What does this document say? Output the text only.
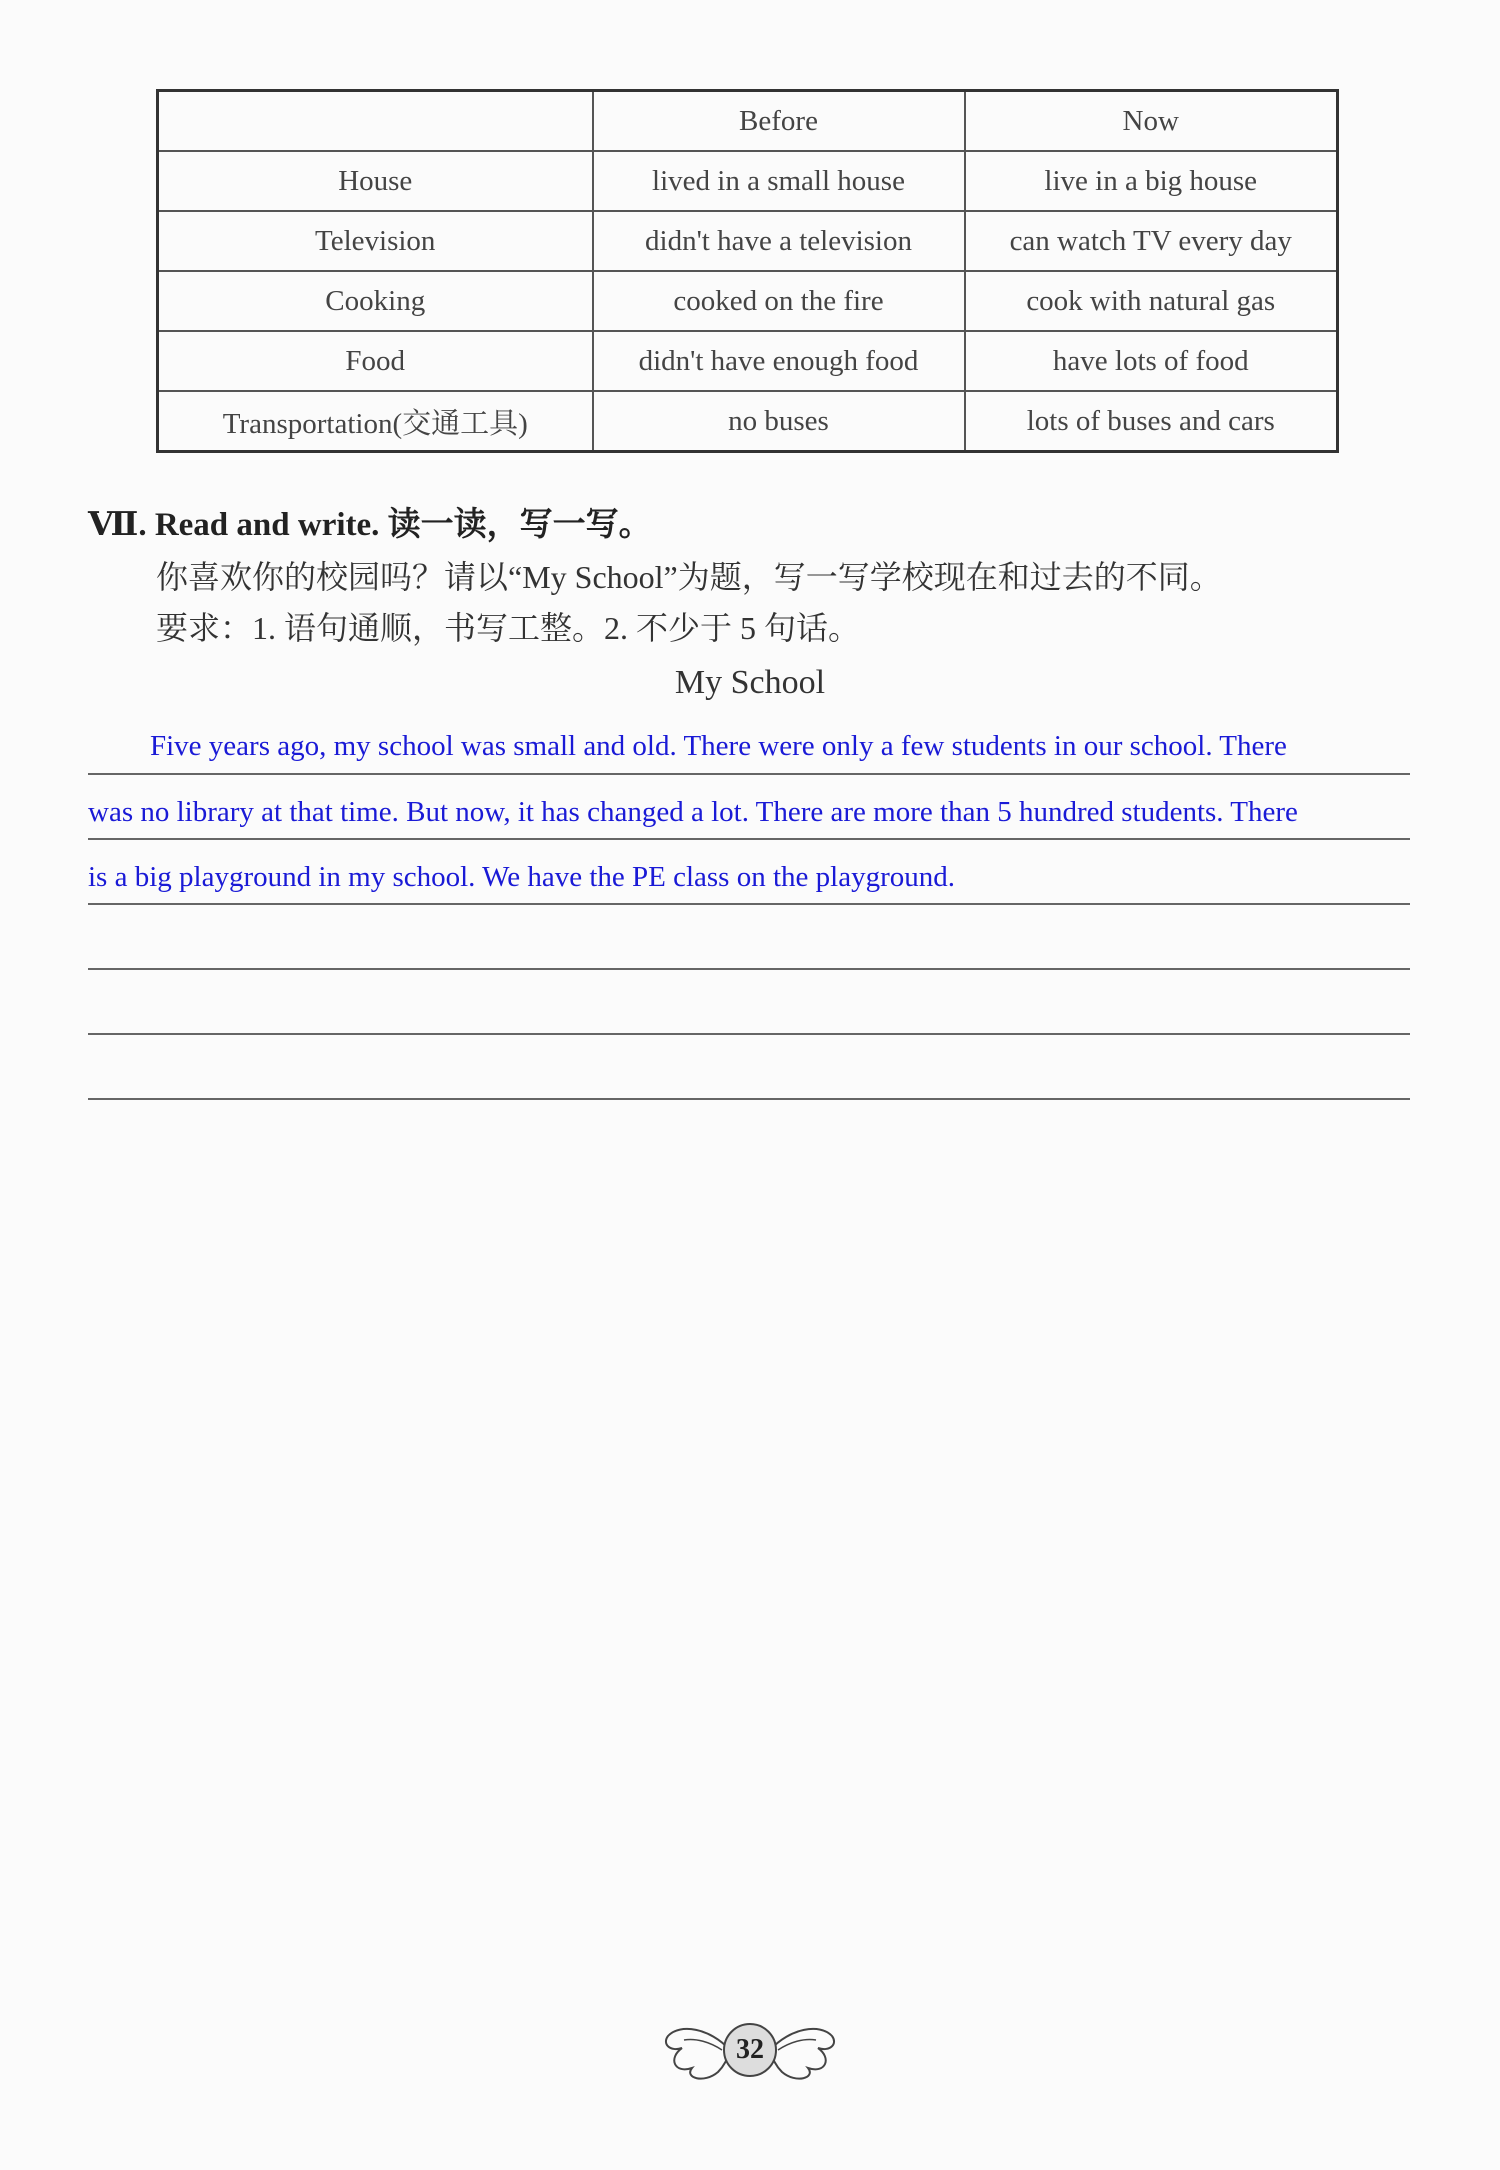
	Before	Now
House	lived in a small house	live in a big house
Television	didn't have a television	can watch TV every day
Cooking	cooked on the fire	cook with natural gas
Food	didn't have enough food	have lots of food
Transportation(交通工具)	no buses	lots of buses and cars
Ⅶ. Read and write. 读一读，写一写。
你喜欢你的校园吗？请以“My School”为题，写一写学校现在和过去的不同。
要求：1. 语句通顺，书写工整。2. 不少于 5 句话。
My School
Five years ago, my school was small and old. There were only a few students in our school. There
was no library at that time. But now, it has changed a lot. There are more than 5 hundred students. There
is a big playground in my school. We have the PE class on the playground.
32
